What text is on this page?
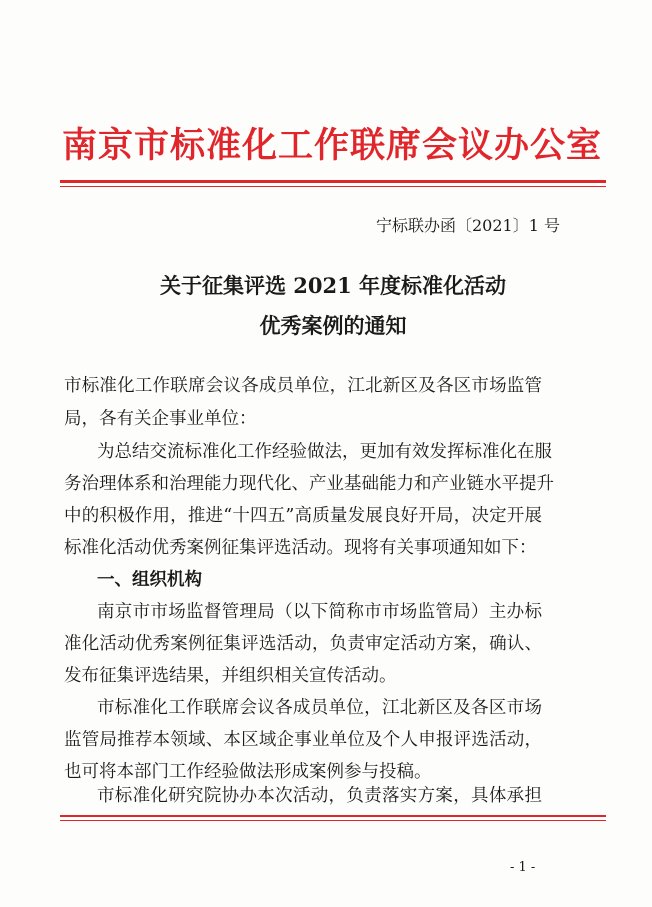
南京市标准化工作联席会议办公室
宁标联办函〔2021〕1 号
关于征集评选 2021 年度标准化活动
优秀案例的通知
市标准化工作联席会议各成员单位，江北新区及各区市场监管
局，各有关企事业单位：
为总结交流标准化工作经验做法，更加有效发挥标准化在服
务治理体系和治理能力现代化、产业基础能力和产业链水平提升
中的积极作用，推进“十四五”高质量发展良好开局，决定开展
标准化活动优秀案例征集评选活动。现将有关事项通知如下：
一、组织机构
南京市市场监督管理局（以下简称市市场监管局）主办标
准化活动优秀案例征集评选活动，负责审定活动方案，确认、
发布征集评选结果，并组织相关宣传活动。
市标准化工作联席会议各成员单位，江北新区及各区市场
监管局推荐本领域、本区域企事业单位及个人申报评选活动，
也可将本部门工作经验做法形成案例参与投稿。
市标准化研究院协办本次活动，负责落实方案，具体承担
- 1 -
